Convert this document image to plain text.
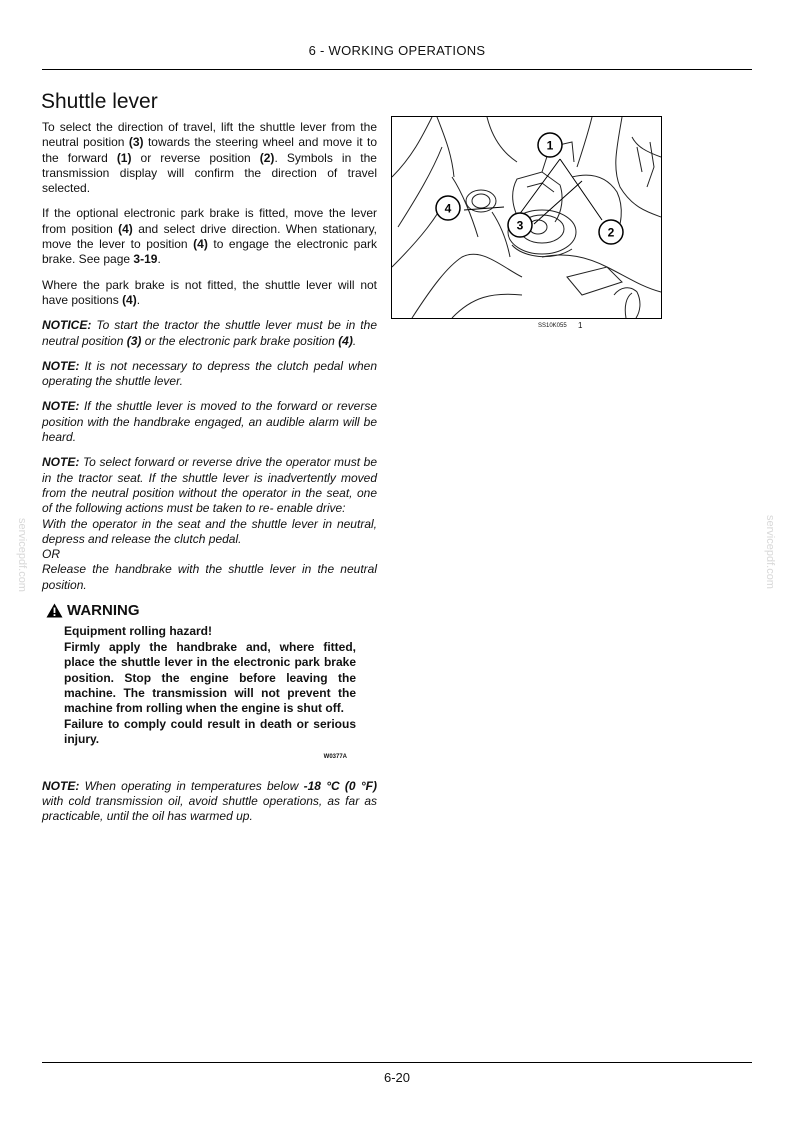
6 - WORKING OPERATIONS
Shuttle lever

To select the direction of travel, lift the shuttle lever from the neutral position (3) towards the steering wheel and move it to the forward (1) or reverse position (2). Symbols in the transmission display will confirm the direction of travel selected.

If the optional electronic park brake is fitted, move the lever from position (4) and select drive direction. When stationary, move the lever to position (4) to engage the electronic park brake. See page 3-19.

Where the park brake is not fitted, the shuttle lever will not have positions (4).

NOTICE: To start the tractor the shuttle lever must be in the neutral position (3) or the electronic park brake position (4).

NOTE: It is not necessary to depress the clutch pedal when operating the shuttle lever.

NOTE: If the shuttle lever is moved to the forward or reverse position with the handbrake engaged, an audible alarm will be heard.

NOTE: To select forward or reverse drive the operator must be in the tractor seat. If the shuttle lever is inadvertently moved from the neutral position without the operator in the seat, one of the following actions must be taken to re- enable drive:

With the operator in the seat and the shuttle lever in neutral, depress and release the clutch pedal.

OR

Release the handbrake with the shuttle lever in the neutral position.

WARNING

Equipment rolling hazard!

Firmly apply the handbrake and, where fitted, place the shuttle lever in the electronic park brake position. Stop the engine before leaving the machine. The transmission will not prevent the machine from rolling when the engine is shut off.

Failure to comply could result in death or serious injury.

W0377A

NOTE: When operating in temperatures below -18 °C (0 °F) with cold transmission oil, avoid shuttle operations, as far as practicable, until the oil has warmed up.

1
2
3
4
SS10K055 1
servicepdf.com	servicepdf.com
6-20
